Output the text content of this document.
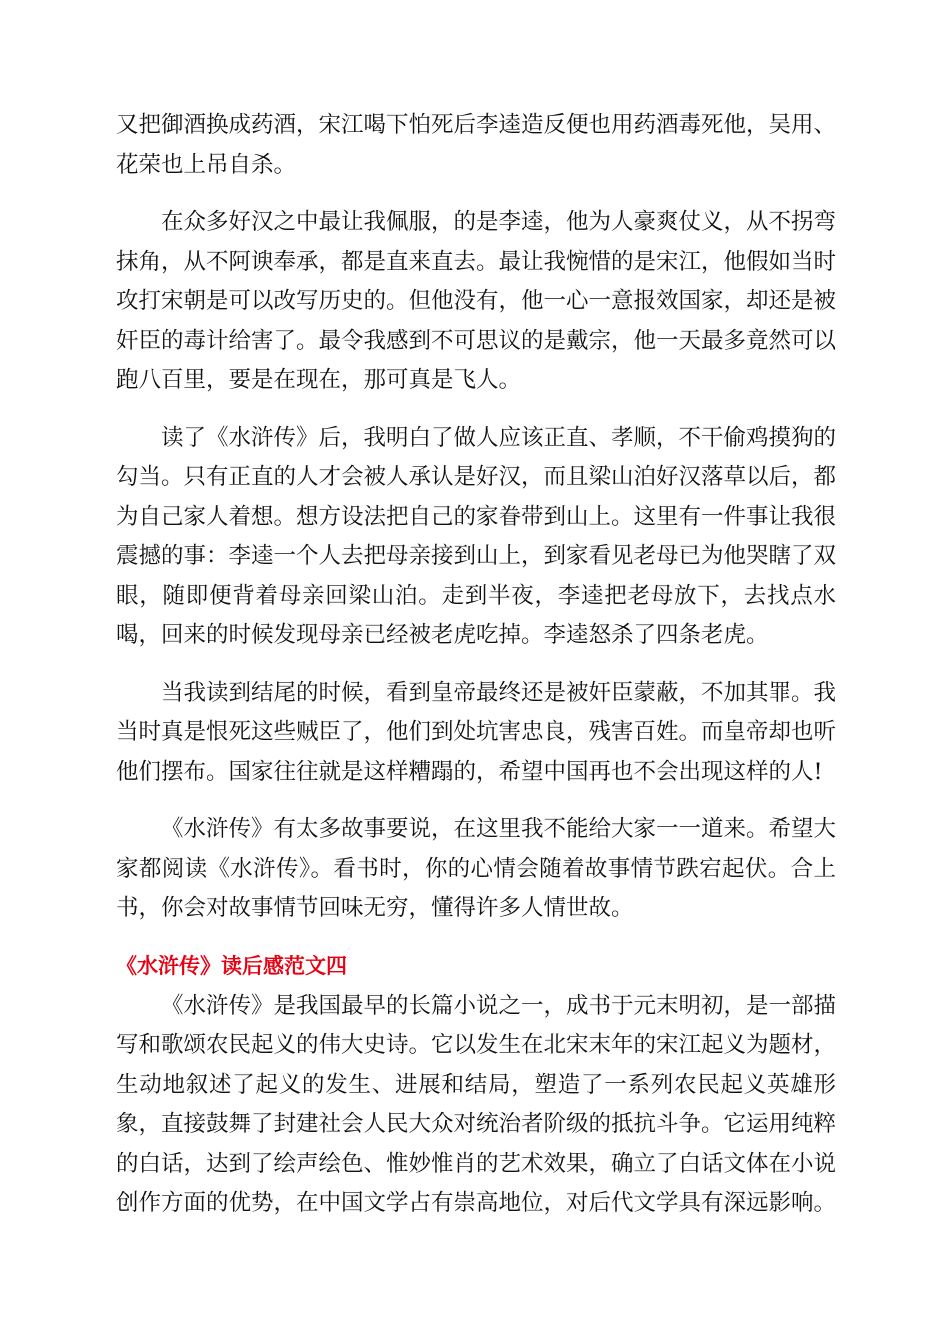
又把御酒换成药酒，宋江喝下怕死后李逵造反便也用药酒毒死他，吴用、花荣也上吊自杀。

在众多好汉之中最让我佩服，的是李逵，他为人豪爽仗义，从不拐弯抹角，从不阿谀奉承，都是直来直去。最让我惋惜的是宋江，他假如当时攻打宋朝是可以改写历史的。但他没有，他一心一意报效国家，却还是被奸臣的毒计给害了。最令我感到不可思议的是戴宗，他一天最多竟然可以跑八百里，要是在现在，那可真是飞人。

读了《水浒传》后，我明白了做人应该正直、孝顺，不干偷鸡摸狗的勾当。只有正直的人才会被人承认是好汉，而且梁山泊好汉落草以后，都为自己家人着想。想方设法把自己的家眷带到山上。这里有一件事让我很震撼的事：李逵一个人去把母亲接到山上，到家看见老母已为他哭瞎了双眼，随即便背着母亲回梁山泊。走到半夜，李逵把老母放下，去找点水喝，回来的时候发现母亲已经被老虎吃掉。李逵怒杀了四条老虎。

当我读到结尾的时候，看到皇帝最终还是被奸臣蒙蔽，不加其罪。我当时真是恨死这些贼臣了，他们到处坑害忠良，残害百姓。而皇帝却也听他们摆布。国家往往就是这样糟蹋的，希望中国再也不会出现这样的人!

《水浒传》有太多故事要说，在这里我不能给大家一一道来。希望大家都阅读《水浒传》。看书时，你的心情会随着故事情节跌宕起伏。合上书，你会对故事情节回味无穷，懂得许多人情世故。

《水浒传》读后感范文四

《水浒传》是我国最早的长篇小说之一，成书于元末明初，是一部描写和歌颂农民起义的伟大史诗。它以发生在北宋末年的宋江起义为题材，生动地叙述了起义的发生、进展和结局，塑造了一系列农民起义英雄形象，直接鼓舞了封建社会人民大众对统治者阶级的抵抗斗争。它运用纯粹的白话，达到了绘声绘色、惟妙惟肖的艺术效果，确立了白话文体在小说创作方面的优势，在中国文学占有崇高地位，对后代文学具有深远影响。
